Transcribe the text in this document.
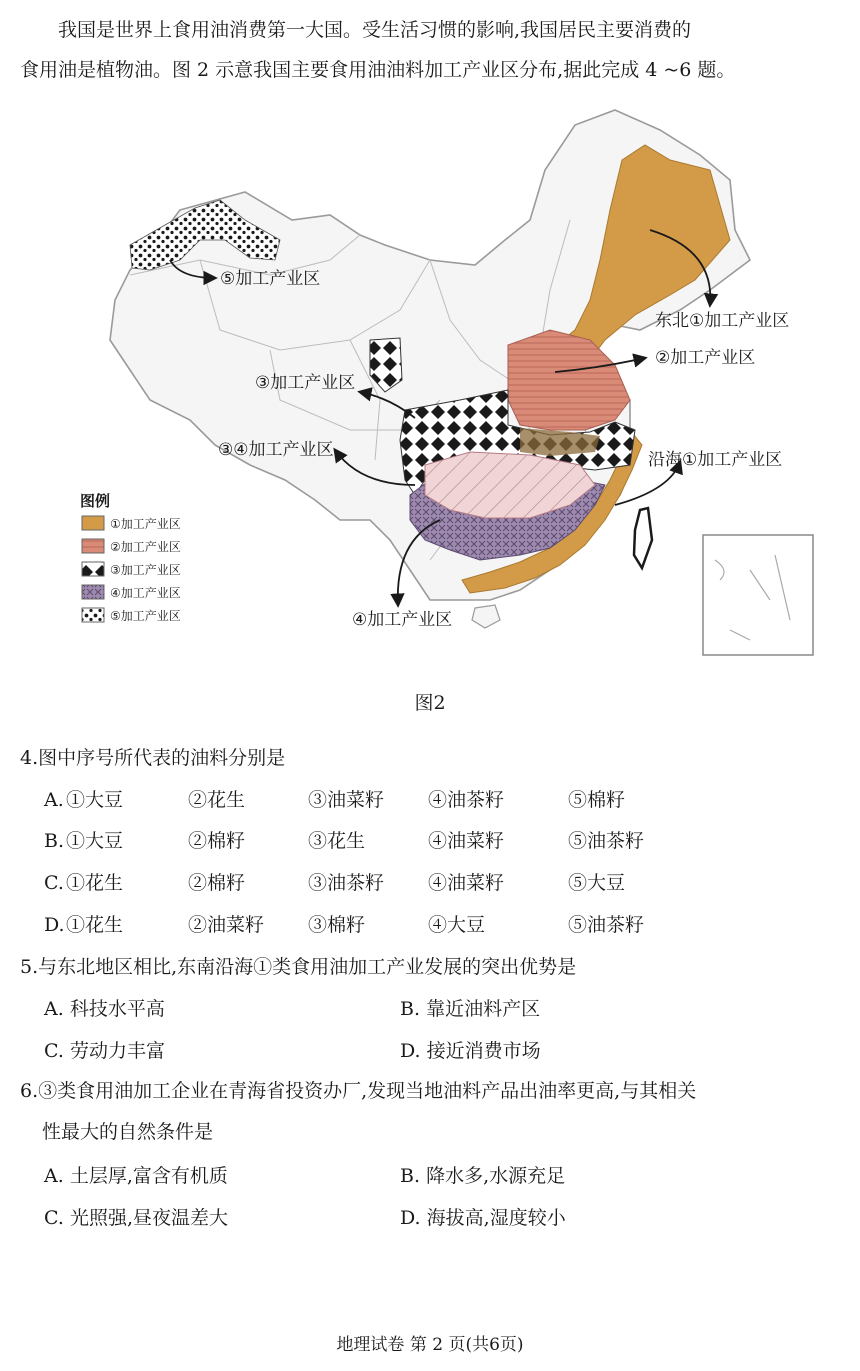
我国是世界上食用油消费第一大国。受生活习惯的影响,我国居民主要消费的

食用油是植物油。图 2 示意我国主要食用油油料加工产业区分布,据此完成 4 ~6 题。
⑤加工产业区
东北①加工产业区
②加工产业区
③加工产业区
③④加工产业区	沿海①加工产业区
④加工产业区
图例
①加工产业区
②加工产业区
③加工产业区
④加工产业区
⑤加工产业区
图2
4.图中序号所代表的油料分别是
A. ①大豆	②花生	③油菜籽 ④油茶籽	⑤棉籽
B. ①大豆	②棉籽	③花生	④油菜籽	⑤油茶籽
C. ①花生	②棉籽	③油茶籽 ④油菜籽	⑤大豆
D. ①花生	②油菜籽 ③棉籽	④大豆	⑤油茶籽
5.与东北地区相比,东南沿海①类食用油加工产业发展的突出优势是
A. 科技水平高	B. 靠近油料产区
C. 劳动力丰富	D. 接近消费市场
6.③类食用油加工企业在青海省投资办厂,发现当地油料产品出油率更高,与其相关
性最大的自然条件是
A. 土层厚,富含有机质	B. 降水多,水源充足
C. 光照强,昼夜温差大	D. 海拔高,湿度较小
地理试卷 第 2 页(共6页)
